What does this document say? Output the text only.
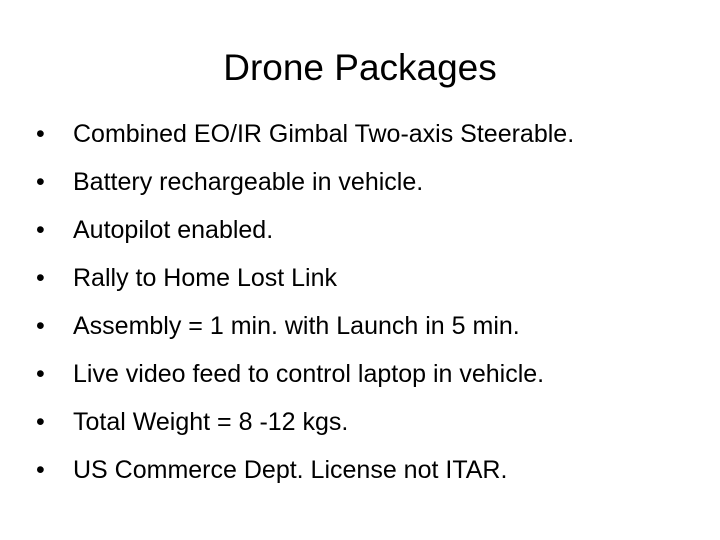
Drone Packages
• Combined EO/IR Gimbal Two-axis Steerable.
• Battery rechargeable in vehicle.
• Autopilot enabled.
• Rally to Home Lost Link
• Assembly = 1 min. with Launch in 5 min.
• Live video feed to control laptop in vehicle.
• Total Weight = 8 -12 kgs.
• US Commerce Dept. License not ITAR.
